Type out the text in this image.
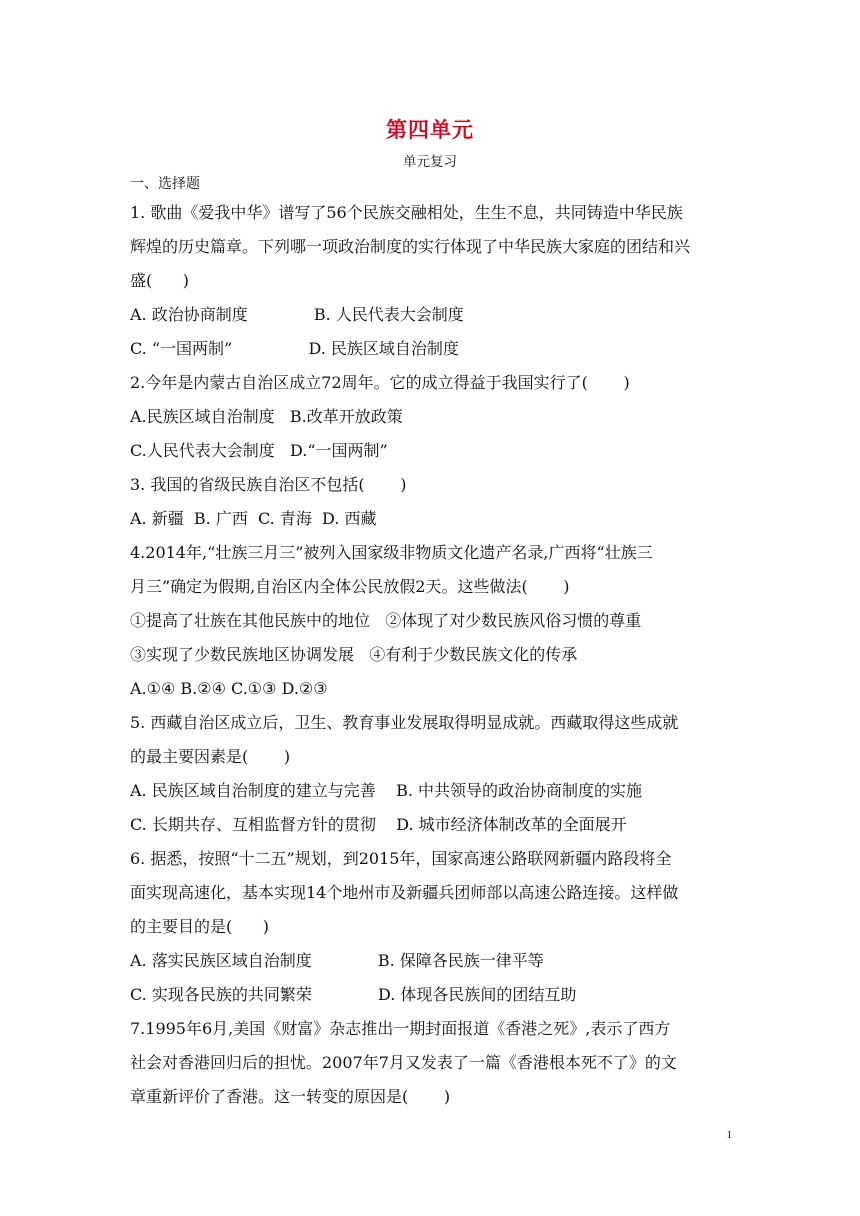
第四单元
单元复习
一、选择题
1. 歌曲《爱我中华》谱写了56个民族交融相处，生生不息，共同铸造中华民族
辉煌的历史篇章。下列哪一项政治制度的实行体现了中华民族大家庭的团结和兴
盛(      )
A. 政治协商制度             B. 人民代表大会制度
C. “一国两制”               D. 民族区域自治制度
2.今年是内蒙古自治区成立72周年。它的成立得益于我国实行了(       )
A.民族区域自治制度   B.改革开放政策
C.人民代表大会制度   D.“一国两制”
3. 我国的省级民族自治区不包括(       )
A. 新疆  B. 广西  C. 青海  D. 西藏
4.2014年,“壮族三月三”被列入国家级非物质文化遗产名录,广西将“壮族三
月三”确定为假期,自治区内全体公民放假2天。这些做法(       )
①提高了壮族在其他民族中的地位   ②体现了对少数民族风俗习惯的尊重
③实现了少数民族地区协调发展   ④有利于少数民族文化的传承
A.①④ B.②④ C.①③ D.②③
5. 西藏自治区成立后，卫生、教育事业发展取得明显成就。西藏取得这些成就
的最主要因素是(       )
A. 民族区域自治制度的建立与完善    B. 中共领导的政治协商制度的实施
C. 长期共存、互相监督方针的贯彻    D. 城市经济体制改革的全面展开
6. 据悉，按照“十二五”规划，到2015年，国家高速公路联网新疆内路段将全
面实现高速化，基本实现14个地州市及新疆兵团师部以高速公路连接。这样做
的主要目的是(      )
A. 落实民族区域自治制度             B. 保障各民族一律平等
C. 实现各民族的共同繁荣             D. 体现各民族间的团结互助
7.1995年6月,美国《财富》杂志推出一期封面报道《香港之死》,表示了西方
社会对香港回归后的担忧。2007年7月又发表了一篇《香港根本死不了》的文
章重新评价了香港。这一转变的原因是(       )
1
